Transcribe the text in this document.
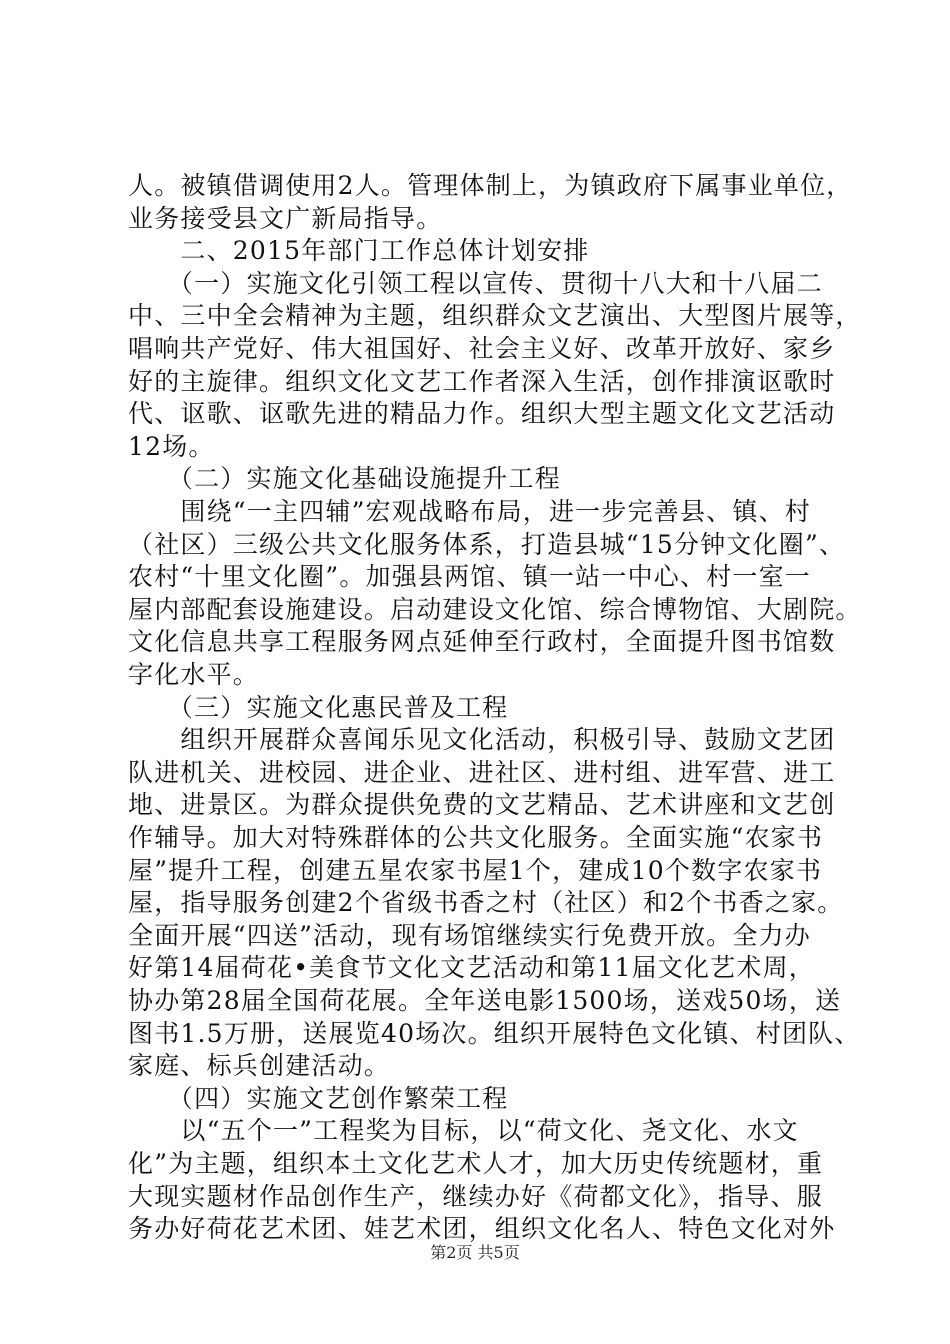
人。被镇借调使用2人。管理体制上，为镇政府下属事业单位，
业务接受县文广新局指导。
　　二、2015年部门工作总体计划安排
　　（一）实施文化引领工程以宣传、贯彻十八大和十八届二
中、三中全会精神为主题，组织群众文艺演出、大型图片展等，
唱响共产党好、伟大祖国好、社会主义好、改革开放好、家乡
好的主旋律。组织文化文艺工作者深入生活，创作排演讴歌时
代、讴歌、讴歌先进的精品力作。组织大型主题文化文艺活动
12场。
　　（二）实施文化基础设施提升工程
　　围绕“一主四辅”宏观战略布局，进一步完善县、镇、村
（社区）三级公共文化服务体系，打造县城“15分钟文化圈”、
农村“十里文化圈”。加强县两馆、镇一站一中心、村一室一
屋内部配套设施建设。启动建设文化馆、综合博物馆、大剧院。
文化信息共享工程服务网点延伸至行政村，全面提升图书馆数
字化水平。
　　（三）实施文化惠民普及工程
　　组织开展群众喜闻乐见文化活动，积极引导、鼓励文艺团
队进机关、进校园、进企业、进社区、进村组、进军营、进工
地、进景区。为群众提供免费的文艺精品、艺术讲座和文艺创
作辅导。加大对特殊群体的公共文化服务。全面实施“农家书
屋”提升工程，创建五星农家书屋1个，建成10个数字农家书
屋，指导服务创建2个省级书香之村（社区）和2个书香之家。
全面开展“四送”活动，现有场馆继续实行免费开放。全力办
好第14届荷花•美食节文化文艺活动和第11届文化艺术周，
协办第28届全国荷花展。全年送电影1500场，送戏50场，送
图书1.5万册，送展览40场次。组织开展特色文化镇、村团队、
家庭、标兵创建活动。
　　（四）实施文艺创作繁荣工程
　　以“五个一”工程奖为目标，以“荷文化、尧文化、水文
化”为主题，组织本土文化艺术人才，加大历史传统题材，重
大现实题材作品创作生产，继续办好《荷都文化》，指导、服
务办好荷花艺术团、娃艺术团，组织文化名人、特色文化对外
第2页 共5页
